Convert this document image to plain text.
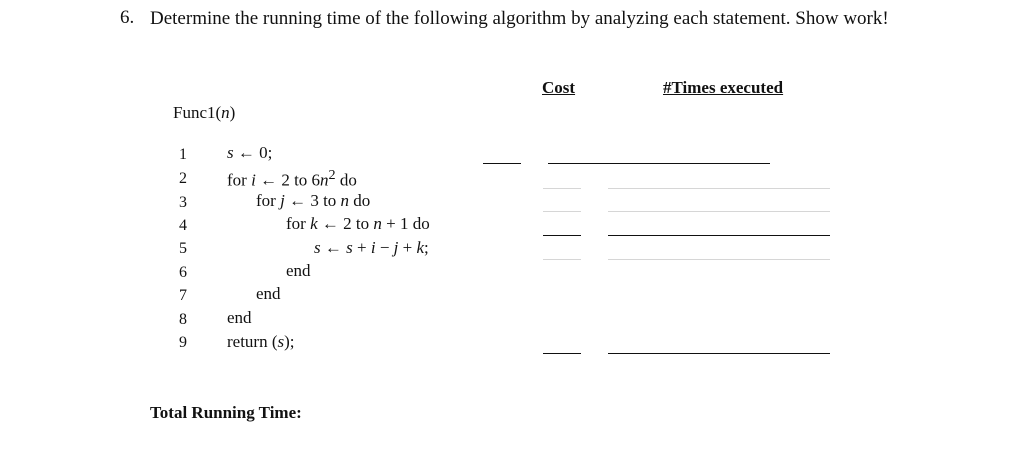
6. Determine the running time of the following algorithm by analyzing each statement. Show work!
Cost	#Times executed
Func1(n)
1
2
3
4
5
6
7
8
9
s ← 0;
for i ← 2 to $6n^2$ do
for j ← 3 to n do
for k ← 2 to n + 1 do
s ← s + i − j + k;
end
end
end
return (s);
Total Running Time:
